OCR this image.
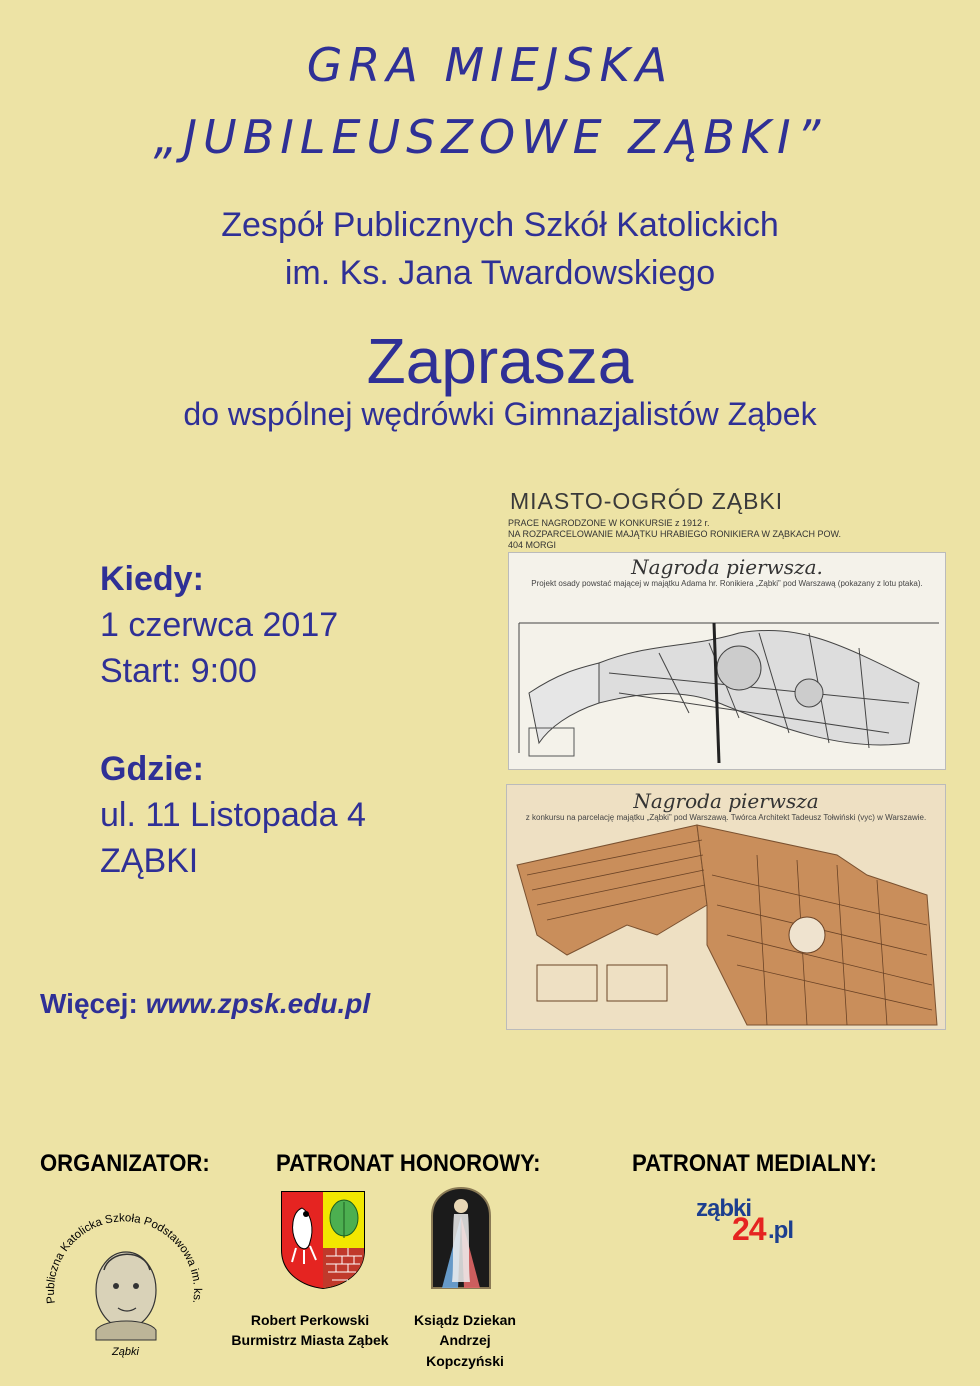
GRA MIEJSKA
„JUBILEUSZOWE ZĄBKI”
Zespół Publicznych Szkół Katolickich
im. Ks. Jana Twardowskiego
Zaprasza
do wspólnej wędrówki Gimnazjalistów Ząbek
Kiedy:
1 czerwca 2017
Start: 9:00
Gdzie:
ul. 11 Listopada 4
ZĄBKI
Więcej: www.zpsk.edu.pl
MIASTO-OGRÓD ZĄBKI
PRACE NAGRODZONE W KONKURSIE z 1912 r.
NA ROZPARCELOWANIE MAJĄTKU HRABIEGO RONIKIERA W ZĄBKACH POW. 404 MORGI
Nagroda pierwsza.
Projekt osady powstać mającej w majątku Adama hr. Ronikiera „Ząbki” pod Warszawą (pokazany z lotu ptaka).
Nagroda pierwsza
z konkursu na parcelację majątku „Ząbki” pod Warszawą. Twórca Architekt Tadeusz Tołwiński (vyc) w Warszawie.
ORGANIZATOR:	PATRONAT HONOROWY:	PATRONAT MEDIALNY:
Publiczna Katolicka Szkoła Podstawowa im. ks.
Ząbki
Robert Perkowski
Burmistrz Miasta Ząbek
Ksiądz Dziekan
Andrzej Kopczyński
ząbki
24 .pl
